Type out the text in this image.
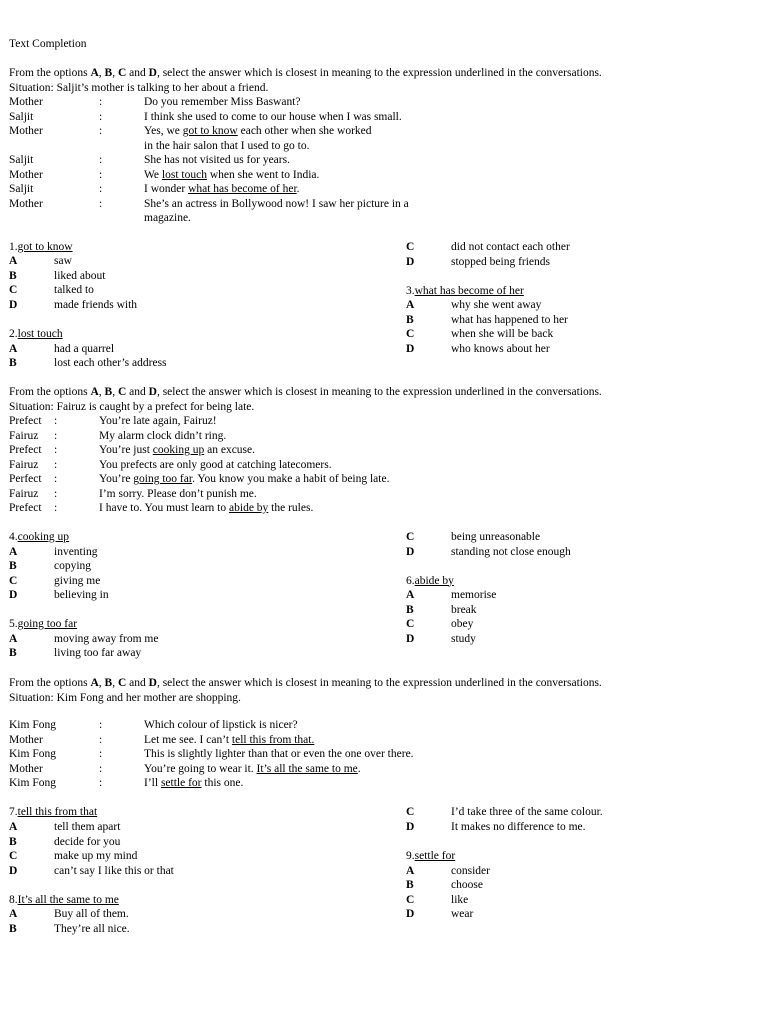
Text Completion
From the options A, B, C and D, select the answer which is closest in meaning to the expression underlined in the conversations.
Situation: Saljit’s mother is talking to her about a friend.
Mother	:	Do you remember Miss Baswant?
Saljit	:	I think she used to come to our house when I was small.
Mother	:	Yes, we got to know each other when she worked
in the hair salon that I used to go to.
Saljit	:	She has not visited us for years.
Mother	:	We lost touch when she went to India.
Saljit	:	I wonder what has become of her.
Mother	:	She’s an actress in Bollywood now! I saw her picture in a
magazine.
From the options A, B, C and D, select the answer which is closest in meaning to the expression underlined in the conversations.
Situation: Fairuz is caught by a prefect for being late.
Prefect :	You’re late again, Fairuz!
Fairuz :	My alarm clock didn’t ring.
Prefect :	You’re just cooking up an excuse.
Fairuz :	You prefects are only good at catching latecomers.
Perfect :	You’re going too far. You know you make a habit of being late.
Fairuz :	I’m sorry. Please don’t punish me.
Prefect :	I have to. You must learn to abide by the rules.
From the options A, B, C and D, select the answer which is closest in meaning to the expression underlined in the conversations.
Situation: Kim Fong and her mother are shopping.
Kim Fong	:	Which colour of lipstick is nicer?
Mother	:	Let me see. I can’t tell this from that.
Kim Fong	:	This is slightly lighter than that or even the one over there.
Mother	:	You’re going to wear it. It’s all the same to me.
Kim Fong	:	I’ll settle for this one.
1.got to know
A	saw
B	liked about
C	talked to
D	made friends with
2.lost touch
A	had a quarrel
B	lost each other’s address
C	did not contact each other
D	stopped being friends
3.what has become of her
A	why she went away
B	what has happened to her
C	when she will be back
D	who knows about her
4.cooking up
A	inventing
B	copying
C	giving me
D	believing in
5.going too far
A	moving away from me
B	living too far away
C	being unreasonable
D	standing not close enough
6.abide by
A	memorise
B	break
C	obey
D	study
7.tell this from that
A	tell them apart
B	decide for you
C	make up my mind
D	can’t say I like this or that
8.It’s all the same to me
A	Buy all of them.
B	They’re all nice.
C	I’d take three of the same colour.
D	It makes no difference to me.
9.settle for
A	consider
B	choose
C	like
D	wear
